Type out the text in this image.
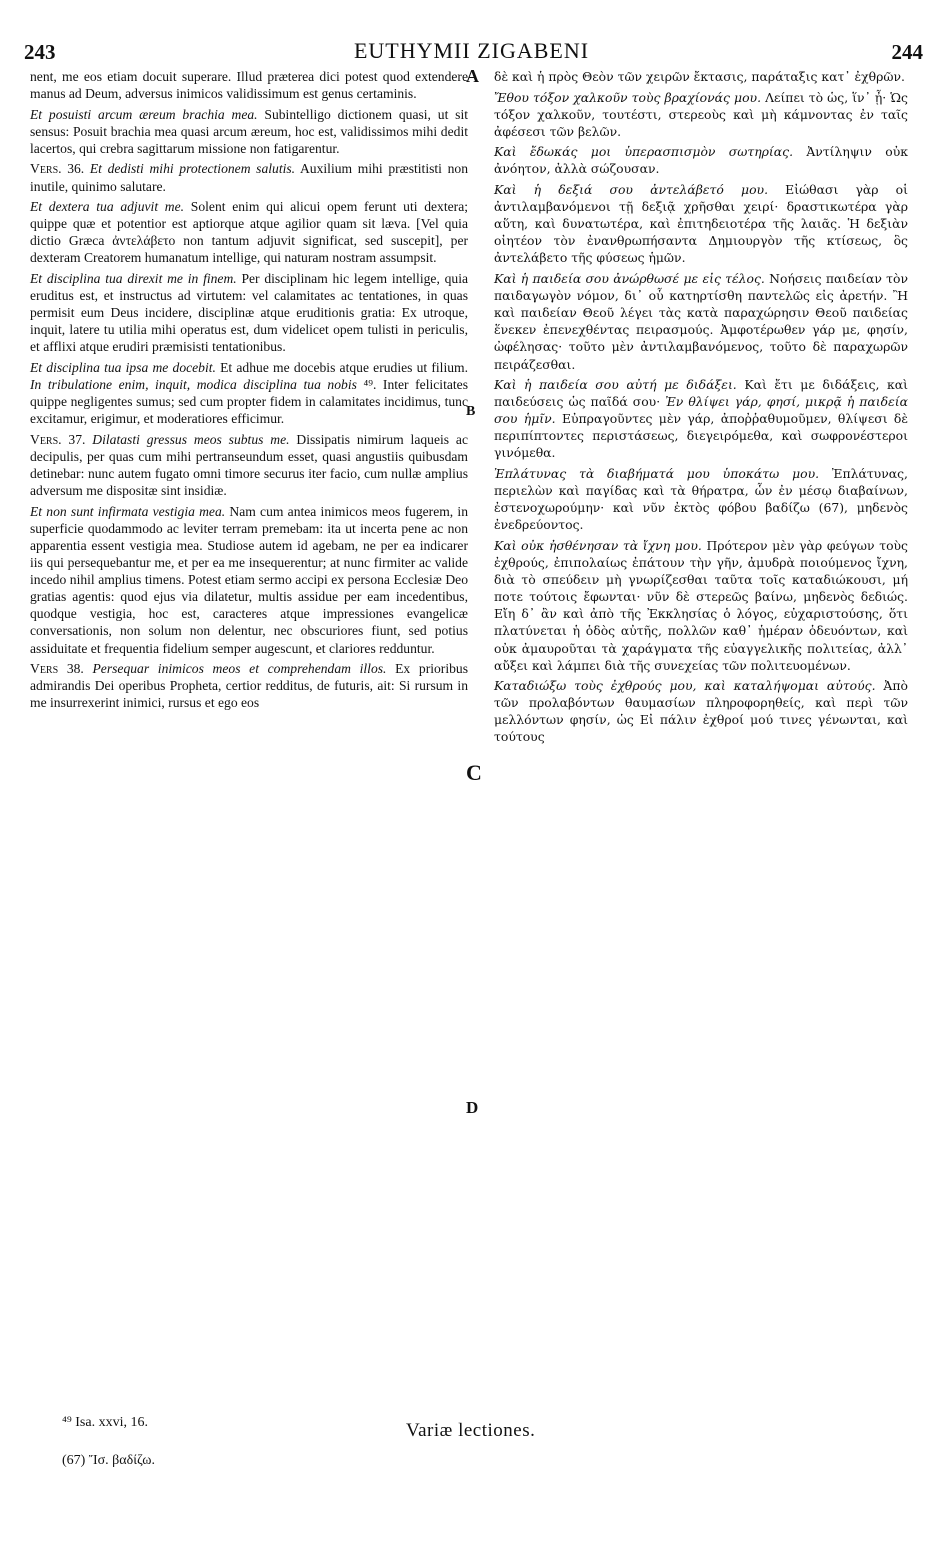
243	EUTHYMII ZIGABENI	244

nent, me eos etiam docuit superare. Illud præterea dici potest quod extendere manus ad Deum, adversus inimicos validissimum est genus certaminis.

Et posuisti arcum æreum brachia mea. Subintelligo dictionem quasi, ut sit sensus: Posuit brachia mea quasi arcum æreum, hoc est, validissimos mihi dedit lacertos, qui crebra sagittarum missione non fatigarentur.

Vers. 36. Et dedisti mihi protectionem salutis. Auxilium mihi præstitisti non inutile, quinimo salutare.

Et dextera tua adjuvit me. Solent enim qui alicui opem ferunt uti dextera; quippe quæ et potentior est aptiorque atque agilior quam sit læva. [Vel quia dictio Græca ἀντελάβετο non tantum adjuvit significat, sed suscepit], per dexteram Creatorem humanatum intellige, qui naturam nostram assumpsit.

Et disciplina tua direxit me in finem. Per disciplinam hic legem intellige, quia eruditus est, et instructus ad virtutem: vel calamitates ac tentationes, in quas permisit eum Deus incidere, disciplinæ atque eruditionis gratia: Ex utroque, inquit, latere tu utilia mihi operatus est, dum videlicet opem tulisti in periculis, et afflixi atque erudiri præmisisti tentationibus.

Et disciplina tua ipsa me docebit. Et adhue me docebis atque erudies ut filium. In tribulatione enim, inquit, modica disciplina tua nobis ⁴⁹. Inter felicitates quippe negligentes sumus; sed cum propter fidem in calamitates incidimus, tunc excitamur, erigimur, et moderatiores efficimur.

Vers. 37. Dilatasti gressus meos subtus me. Dissipatis nimirum laqueis ac decipulis, per quas cum mihi pertranseundum esset, quasi angustiis quibusdam detinebar: nunc autem fugato omni timore securus iter facio, cum nullæ amplius adversum me dispositæ sint insidiæ.

Et non sunt infirmata vestigia mea. Nam cum antea inimicos meos fugerem, in superficie quodammodo ac leviter terram premebam: ita ut incerta pene ac non apparentia essent vestigia mea. Studiose autem id agebam, ne per ea indicarer iis qui persequebantur me, et per ea me insequerentur; at nunc firmiter ac valide incedo nihil amplius timens. Potest etiam sermo accipi ex persona Ecclesiæ Deo gratias agentis: quod ejus via dilatetur, multis assidue per eam incedentibus, quodque vestigia, hoc est, caracteres atque impressiones evangelicæ conversationis, non solum non delentur, nec obscuriores fiunt, sed potius assiduitate et frequentia fidelium semper augescunt, et clariores redduntur.

Vers 38. Persequar inimicos meos et comprehendam illos. Ex prioribus admirandis Dei operibus Propheta, certior redditus, de futuris, ait: Si rursum in me insurrexerint inimici, rursus et ego eos

A
B
C
D

δὲ καὶ ἡ πρὸς Θεὸν τῶν χειρῶν ἔκτασις, παράταξις κατ᾽ ἐχθρῶν.

Ἔθου τόξον χαλκοῦν τοὺς βραχίονάς μου. Λείπει τὸ ὡς, ἵν᾽ ᾖ· Ὡς τόξον χαλκοῦν, τουτέστι, στερεοὺς καὶ μὴ κάμνοντας ἐν ταῖς ἀφέσεσι τῶν βελῶν.

Καὶ ἔδωκάς μοι ὑπερασπισμὸν σωτηρίας. Ἀντίληψιν οὐκ ἀνόητον, ἀλλὰ σώζουσαν.

Καὶ ἡ δεξιά σου ἀντελάβετό μου. Εἰώθασι γὰρ οἱ ἀντιλαμβανόμενοι τῇ δεξιᾷ χρῆσθαι χειρί· δραστικωτέρα γὰρ αὕτη, καὶ δυνατωτέρα, καὶ ἐπιτηδειοτέρα τῆς λαιᾶς. Ἡ δεξιὰν οἰητέον τὸν ἐνανθρωπήσαντα Δημιουργὸν τῆς κτίσεως, ὃς ἀντελάβετο τῆς φύσεως ἡμῶν.

Καὶ ἡ παιδεία σου ἀνώρθωσέ με εἰς τέλος. Νοήσεις παιδείαν τὸν παιδαγωγὸν νόμον, δι᾽ οὗ κατηρτίσθη παντελῶς εἰς ἀρετήν. Ἢ καὶ παιδείαν Θεοῦ λέγει τὰς κατὰ παραχώρησιν Θεοῦ παιδείας ἕνεκεν ἐπενεχθέντας πειρασμούς. Ἀμφοτέρωθεν γάρ με, φησίν, ὠφέλησας· τοῦτο μὲν ἀντιλαμβανόμενος, τοῦτο δὲ παραχωρῶν πειράζεσθαι.

Καὶ ἡ παιδεία σου αὐτή με διδάξει. Καὶ ἔτι με διδάξεις, καὶ παιδεύσεις ὡς παῖδά σου· Ἐν θλίψει γάρ, φησί, μικρᾷ ἡ παιδεία σου ἡμῖν. Εὐπραγοῦντες μὲν γάρ, ἀποῤῥαθυμοῦμεν, θλίψεσι δὲ περιπίπτοντες περιστάσεως, διεγειρόμεθα, καὶ σωφρονέστεροι γινόμεθα.

Ἐπλάτυνας τὰ διαβήματά μου ὑποκάτω μου. Ἐπλάτυνας, περιελὼν καὶ παγίδας καὶ τὰ θήρατρα, ὧν ἐν μέσῳ διαβαίνων, ἐστενοχωρούμην· καὶ νῦν ἐκτὸς φόβου βαδίζω (67), μηδενὸς ἐνεδρεύοντος.

Καὶ οὐκ ἠσθένησαν τὰ ἴχνη μου. Πρότερον μὲν γὰρ φεύγων τοὺς ἐχθρούς, ἐπιπολαίως ἐπάτουν τὴν γῆν, ἀμυδρὰ ποιούμενος ἴχνη, διὰ τὸ σπεύδειν μὴ γνωρίζεσθαι ταῦτα τοῖς καταδιώκουσι, μή ποτε τούτοις ἔφωνται· νῦν δὲ στερεῶς βαίνω, μηδενὸς δεδιώς. Εἴη δ᾽ ἂν καὶ ἀπὸ τῆς Ἐκκλησίας ὁ λόγος, εὐχαριστούσης, ὅτι πλατύνεται ἡ ὁδὸς αὐτῆς, πολλῶν καθ᾽ ἡμέραν ὁδευόντων, καὶ οὐκ ἀμαυροῦται τὰ χαράγματα τῆς εὐαγγελικῆς πολιτείας, ἀλλ᾽ αὔξει καὶ λάμπει διὰ τῆς συνεχείας τῶν πολιτευομένων.

Καταδιώξω τοὺς ἐχθρούς μου, καὶ καταλήψομαι αὐτούς. Ἀπὸ τῶν προλαβόντων θαυμασίων πληροφορηθείς, καὶ περὶ τῶν μελλόντων φησίν, ὡς Εἰ πάλιν ἐχθροί μού τινες γένωνται, καὶ τούτους

⁴⁹ Isa. xxvi, 16.
(67) Ἴσ. βαδίζω.
Variæ lectiones.
